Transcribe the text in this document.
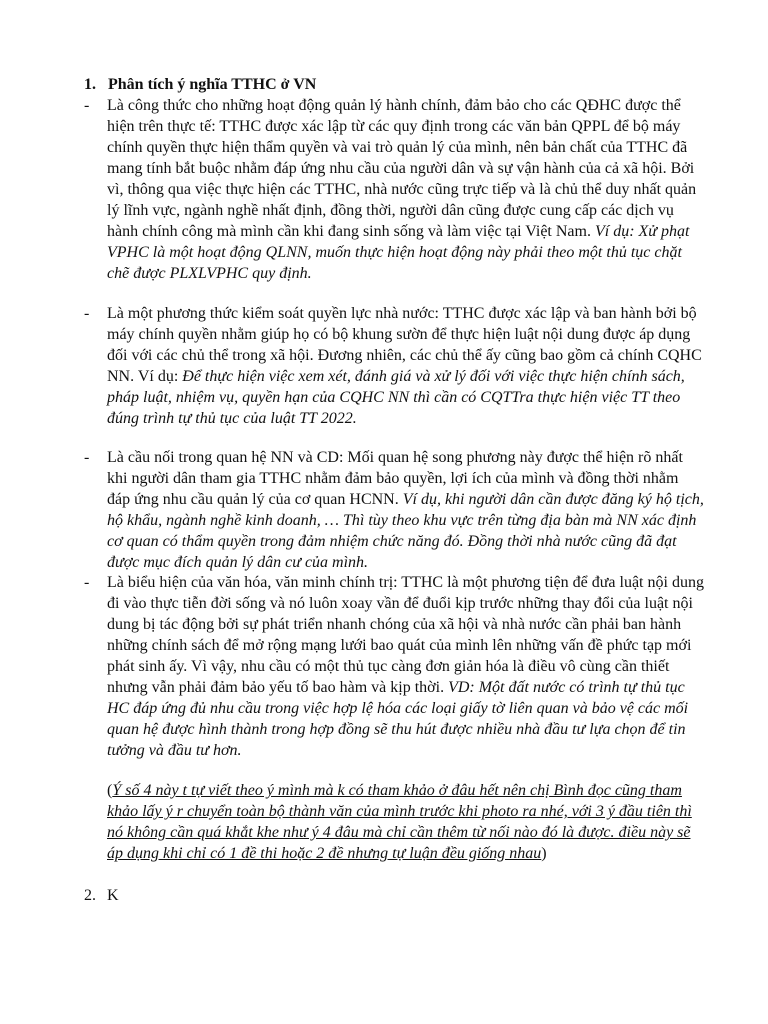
1. Phân tích ý nghĩa TTHC ở VN
- Là công thức cho những hoạt động quản lý hành chính, đảm bảo cho các QĐHC được thể hiện trên thực tế: TTHC được xác lập từ các quy định trong các văn bản QPPL để bộ máy chính quyền thực hiện thẩm quyền và vai trò quản lý của mình, nên bản chất của TTHC đã mang tính bắt buộc nhằm đáp ứng nhu cầu của người dân và sự vận hành của cả xã hội. Bởi vì, thông qua việc thực hiện các TTHC, nhà nước cũng trực tiếp và là chủ thể duy nhất quản lý lĩnh vực, ngành nghề nhất định, đồng thời, người dân cũng được cung cấp các dịch vụ hành chính công mà mình cần khi đang sinh sống và làm việc tại Việt Nam. Ví dụ: Xử phạt VPHC là một hoạt động QLNN, muốn thực hiện hoạt động này phải theo một thủ tục chặt chẽ được PLXLVPHC quy định.
- Là một phương thức kiểm soát quyền lực nhà nước: TTHC được xác lập và ban hành bởi bộ máy chính quyền nhằm giúp họ có bộ khung sườn để thực hiện luật nội dung được áp dụng đối với các chủ thể trong xã hội. Đương nhiên, các chủ thể ấy cũng bao gồm cả chính CQHC NN. Ví dụ: Để thực hiện việc xem xét, đánh giá và xử lý đối với việc thực hiện chính sách, pháp luật, nhiệm vụ, quyền hạn của CQHC NN thì cần có CQTTra thực hiện việc TT theo đúng trình tự thủ tục của luật TT 2022.
- Là cầu nối trong quan hệ NN và CD: Mối quan hệ song phương này được thể hiện rõ nhất khi người dân tham gia TTHC nhằm đảm bảo quyền, lợi ích của mình và đồng thời nhằm đáp ứng nhu cầu quản lý của cơ quan HCNN. Ví dụ, khi người dân cần được đăng ký hộ tịch, hộ khẩu, ngành nghề kinh doanh, … Thì tùy theo khu vực trên từng địa bàn mà NN xác định cơ quan có thẩm quyền trong đảm nhiệm chức năng đó. Đồng thời nhà nước cũng đã đạt được mục đích quản lý dân cư của mình.
- Là biểu hiện của văn hóa, văn minh chính trị: TTHC là một phương tiện để đưa luật nội dung đi vào thực tiễn đời sống và nó luôn xoay vần để đuổi kịp trước những thay đổi của luật nội dung bị tác động bởi sự phát triển nhanh chóng của xã hội và nhà nước cần phải ban hành những chính sách để mở rộng mạng lưới bao quát của mình lên những vấn đề phức tạp mới phát sinh ấy. Vì vậy, nhu cầu có một thủ tục càng đơn giản hóa là điều vô cùng cần thiết nhưng vẫn phải đảm bảo yếu tố bao hàm và kịp thời. VD: Một đất nước có trình tự thủ tục HC đáp ứng đủ nhu cầu trong việc hợp lệ hóa các loại giấy tờ liên quan và bảo vệ các mối quan hệ được hình thành trong hợp đồng sẽ thu hút được nhiều nhà đầu tư lựa chọn để tin tưởng và đầu tư hơn.
(Ý số 4 này t tự viết theo ý mình mà k có tham khảo ở đâu hết nên chị Bình đọc cũng tham khảo lấy ý r chuyển toàn bộ thành văn của mình trước khi photo ra nhé, với 3 ý đầu tiên thì nó không cần quá khắt khe như ý 4 đâu mà chỉ cần thêm từ nối nào đó là được. điều này sẽ áp dụng khi chỉ có 1 đề thi hoặc 2 đề nhưng tự luận đều giống nhau)
2. K
